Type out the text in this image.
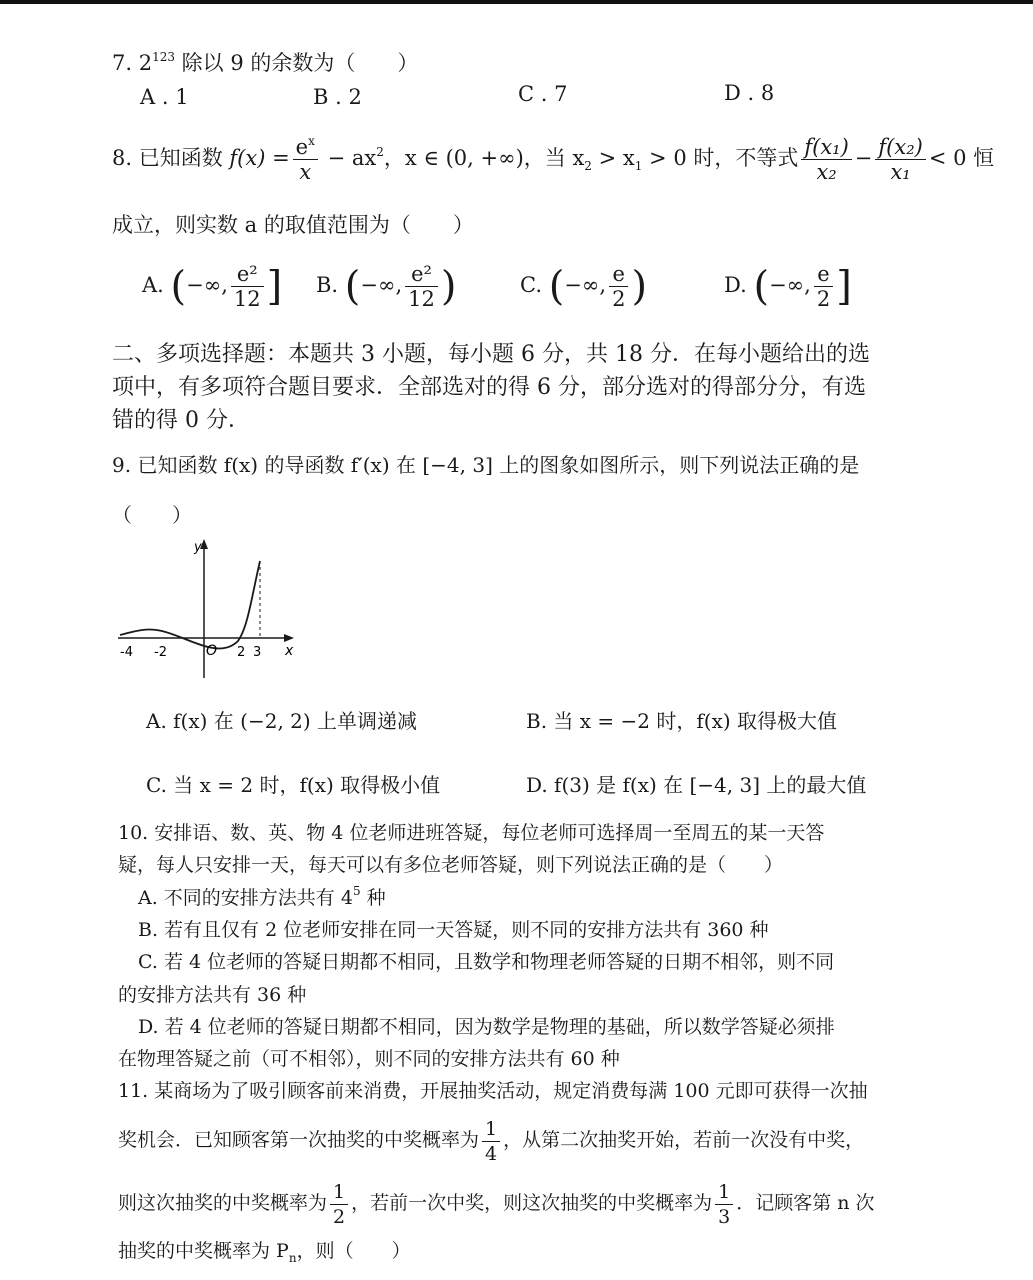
7. $2^{123}$ 除以 9 的余数为（　　）
A . 1	B . 2	C . 7	D . 8
8. 已知函数 $f(x) = \frac{e^x}{x} - ax^2$，x ∈ (0, +∞)，当 $x_2 > x_1 > 0$ 时，不等式 $\frac{\text{f(x₁)}}{\text{x₂}} - \frac{\text{f(x₂)}}{\text{x₁}} < 0$ 恒
成立，则实数 a 的取值范围为（　　）
A. (−∞, $\frac{\text{e²}}{12}$ ] B. (−∞, $\frac{\text{e²}}{12}$ )	C. (−∞, $\frac{e}{2}$ )	D. (−∞, $\frac{e}{2}$ ]
二、多项选择题：本题共 3 小题，每小题 6 分，共 18 分．在每小题给出的选
项中，有多项符合题目要求．全部选对的得 6 分，部分选对的得部分分，有选
错的得 0 分．
9. 已知函数 f(x) 的导函数 f′(x) 在 [−4, 3] 上的图象如图所示，则下列说法正确的是
（　　）
y
x
O
-4 -2	2 3
A. f(x) 在 (−2, 2) 上单调递减	B. 当 x = −2 时，f(x) 取得极大值
C. 当 x = 2 时，f(x) 取得极小值	D. f(3) 是 f(x) 在 [−4, 3] 上的最大值
10. 安排语、数、英、物 4 位老师进班答疑，每位老师可选择周一至周五的某一天答
疑，每人只安排一天，每天可以有多位老师答疑，则下列说法正确的是（　　）
A. 不同的安排方法共有 $4^5$ 种
B. 若有且仅有 2 位老师安排在同一天答疑，则不同的安排方法共有 360 种
C. 若 4 位老师的答疑日期都不相同，且数学和物理老师答疑的日期不相邻，则不同
的安排方法共有 36 种
D. 若 4 位老师的答疑日期都不相同，因为数学是物理的基础，所以数学答疑必须排
在物理答疑之前（可不相邻），则不同的安排方法共有 60 种
11. 某商场为了吸引顾客前来消费，开展抽奖活动，规定消费每满 100 元即可获得一次抽
奖机会．已知顾客第一次抽奖的中奖概率为 $\frac{1}{4}$ ，从第二次抽奖开始，若前一次没有中奖，
则这次抽奖的中奖概率为 $\frac{1}{2}$ ，若前一次中奖，则这次抽奖的中奖概率为 $\frac{1}{3}$ ．记顾客第 n 次
抽奖的中奖概率为 $P_n$，则（　　）
